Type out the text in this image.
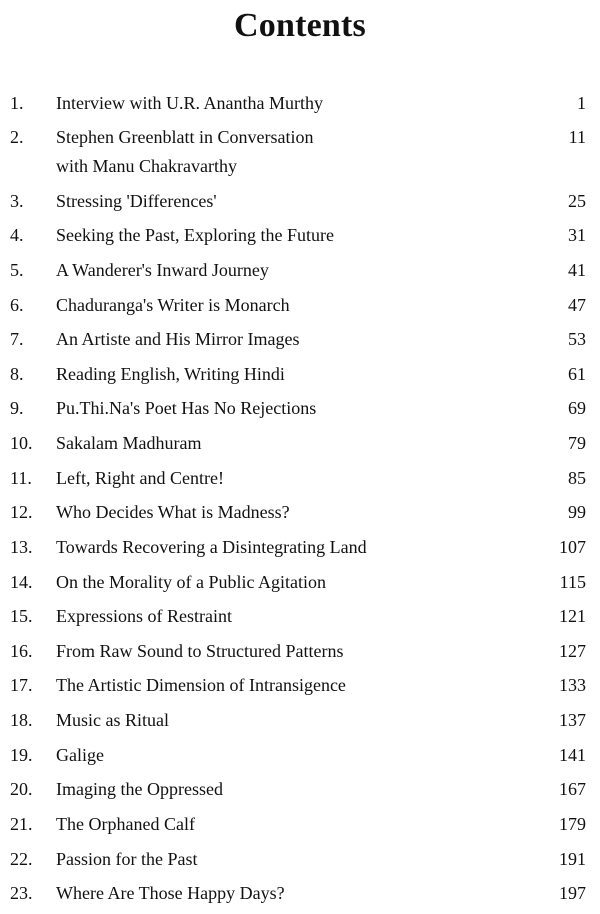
Contents
1.	Interview with U.R. Anantha Murthy	1
2.	Stephen Greenblatt in Conversation	11
with Manu Chakravarthy
3.	Stressing 'Differences'	25
4.	Seeking the Past, Exploring the Future	31
5.	A Wanderer's Inward Journey	41
6.	Chaduranga's Writer is Monarch	47
7.	An Artiste and His Mirror Images	53
8.	Reading English, Writing Hindi	61
9.	Pu.Thi.Na's Poet Has No Rejections	69
10.	Sakalam Madhuram	79
11.	Left, Right and Centre!	85
12.	Who Decides What is Madness?	99
13.	Towards Recovering a Disintegrating Land	107
14.	On the Morality of a Public Agitation	115
15.	Expressions of Restraint	121
16.	From Raw Sound to Structured Patterns	127
17.	The Artistic Dimension of Intransigence	133
18.	Music as Ritual	137
19.	Galige	141
20.	Imaging the Oppressed	167
21.	The Orphaned Calf	179
22.	Passion for the Past	191
23.	Where Are Those Happy Days?	197
